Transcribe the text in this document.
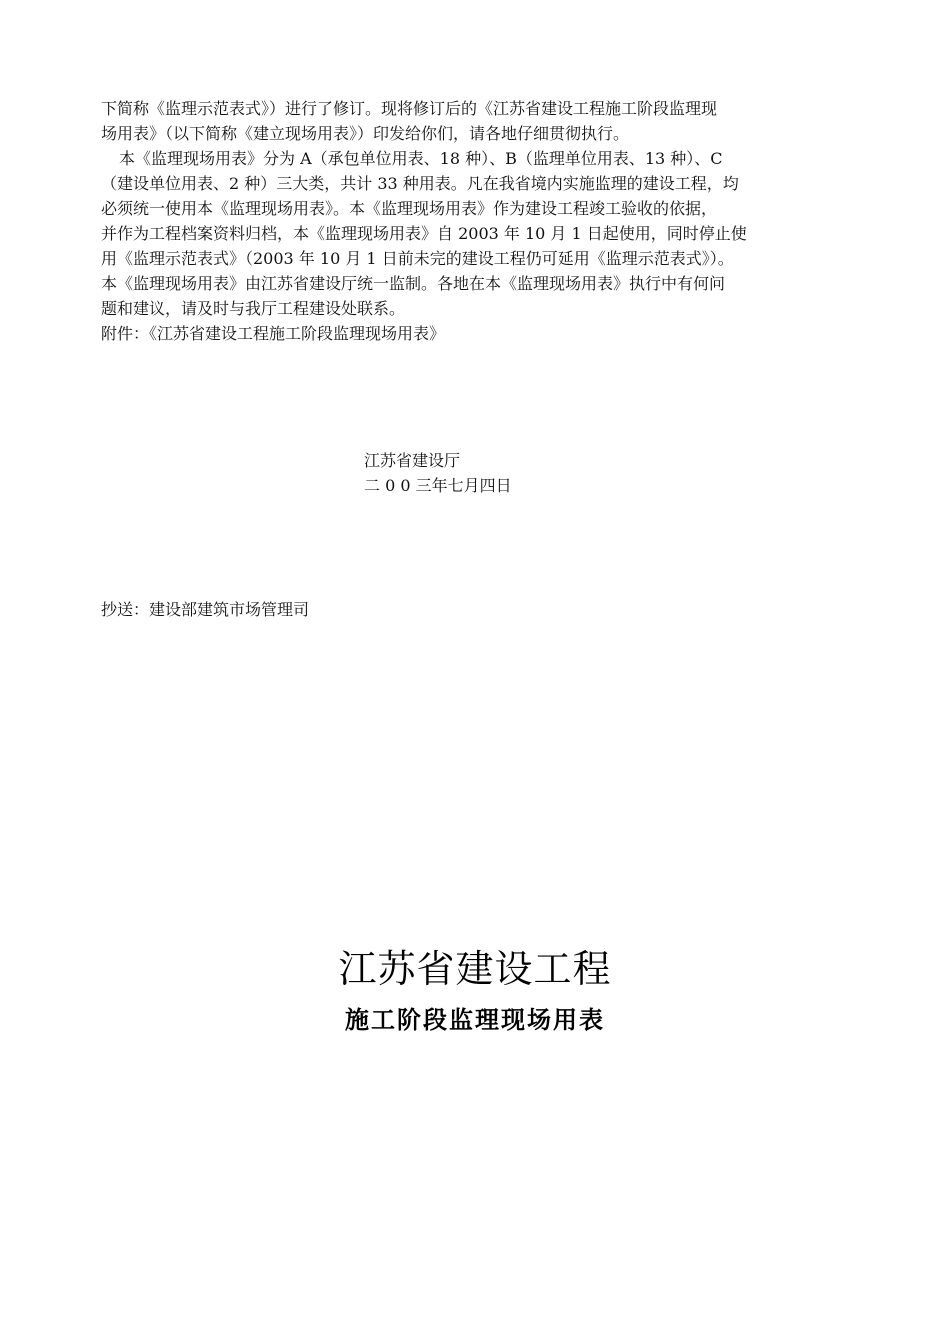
下简称《监理示范表式》）进行了修订。现将修订后的《江苏省建设工程施工阶段监理现
场用表》（以下简称《建立现场用表》）印发给你们，请各地仔细贯彻执行。
本《监理现场用表》分为 A（承包单位用表、18 种）、B（监理单位用表、13 种）、C
（建设单位用表、2 种）三大类，共计 33 种用表。凡在我省境内实施监理的建设工程，均
必须统一使用本《监理现场用表》。本《监理现场用表》作为建设工程竣工验收的依据，
并作为工程档案资料归档，本《监理现场用表》自 2003 年 10 月 1 日起使用，同时停止使
用《监理示范表式》（2003 年 10 月 1 日前未完的建设工程仍可延用《监理示范表式》）。
本《监理现场用表》由江苏省建设厅统一监制。各地在本《监理现场用表》执行中有何问
题和建议，请及时与我厅工程建设处联系。
附件：《江苏省建设工程施工阶段监理现场用表》
江苏省建设厅
二 0 0 三年七月四日
抄送：建设部建筑市场管理司
江苏省建设工程
施工阶段监理现场用表
